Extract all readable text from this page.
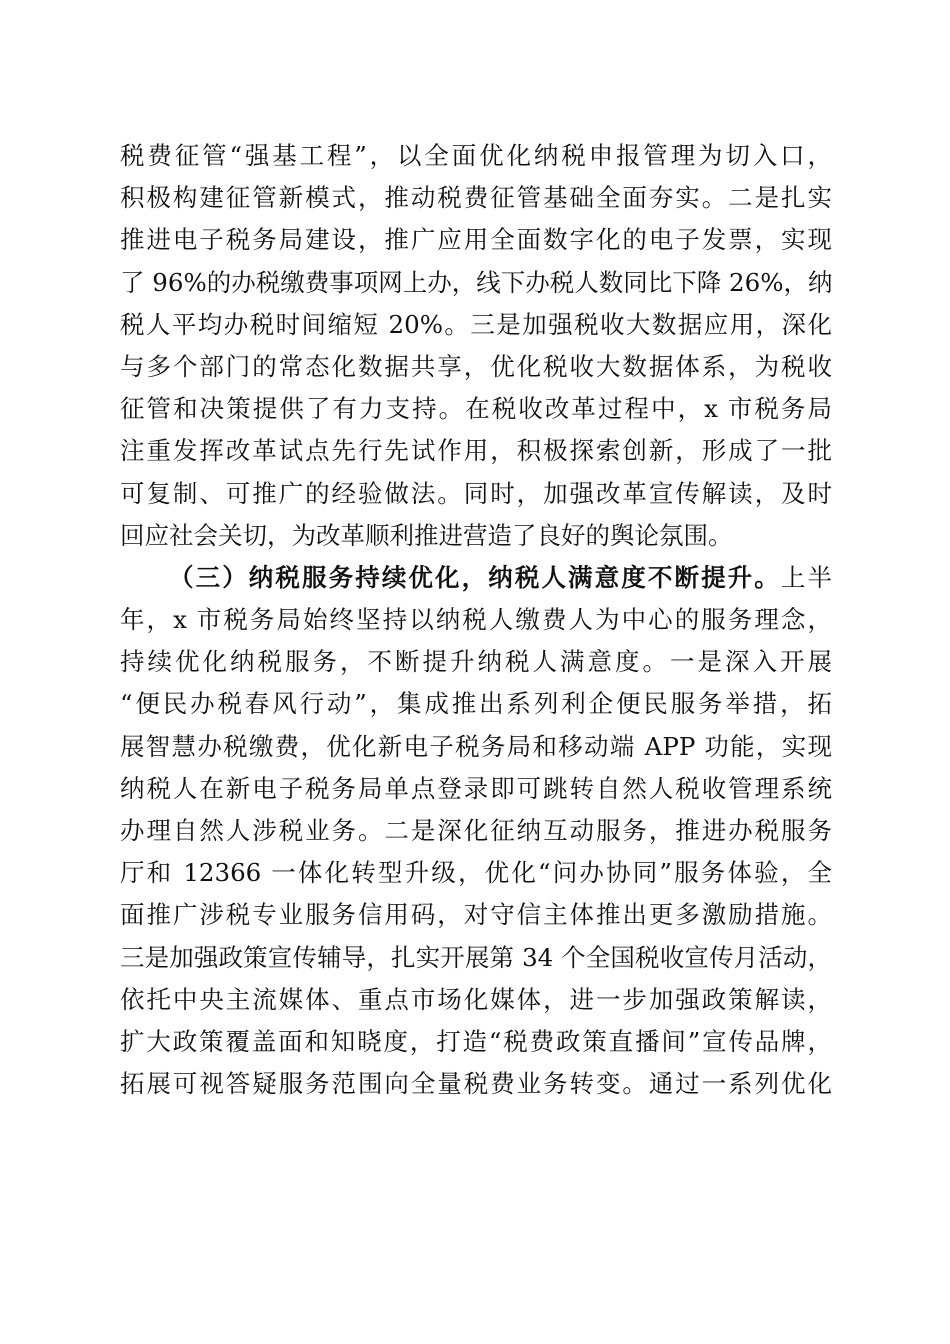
税费征管“强基工程”，以全面优化纳税申报管理为切入口，
积极构建征管新模式，推动税费征管基础全面夯实。二是扎实
推进电子税务局建设，推广应用全面数字化的电子发票，实现
了 96%的办税缴费事项网上办，线下办税人数同比下降 26%，纳
税人平均办税时间缩短 20%。三是加强税收大数据应用，深化
与多个部门的常态化数据共享，优化税收大数据体系，为税收
征管和决策提供了有力支持。在税收改革过程中，x 市税务局
注重发挥改革试点先行先试作用，积极探索创新，形成了一批
可复制、可推广的经验做法。同时，加强改革宣传解读，及时
回应社会关切，为改革顺利推进营造了良好的舆论氛围。
（三）纳税服务持续优化，纳税人满意度不断提升。上半
年，x 市税务局始终坚持以纳税人缴费人为中心的服务理念，
持续优化纳税服务，不断提升纳税人满意度。一是深入开展
“便民办税春风行动”，集成推出系列利企便民服务举措，拓
展智慧办税缴费，优化新电子税务局和移动端 APP 功能，实现
纳税人在新电子税务局单点登录即可跳转自然人税收管理系统
办理自然人涉税业务。二是深化征纳互动服务，推进办税服务
厅和 12366 一体化转型升级，优化“问办协同”服务体验，全
面推广涉税专业服务信用码，对守信主体推出更多激励措施。
三是加强政策宣传辅导，扎实开展第 34 个全国税收宣传月活动，
依托中央主流媒体、重点市场化媒体，进一步加强政策解读，
扩大政策覆盖面和知晓度，打造“税费政策直播间”宣传品牌，
拓展可视答疑服务范围向全量税费业务转变。通过一系列优化
